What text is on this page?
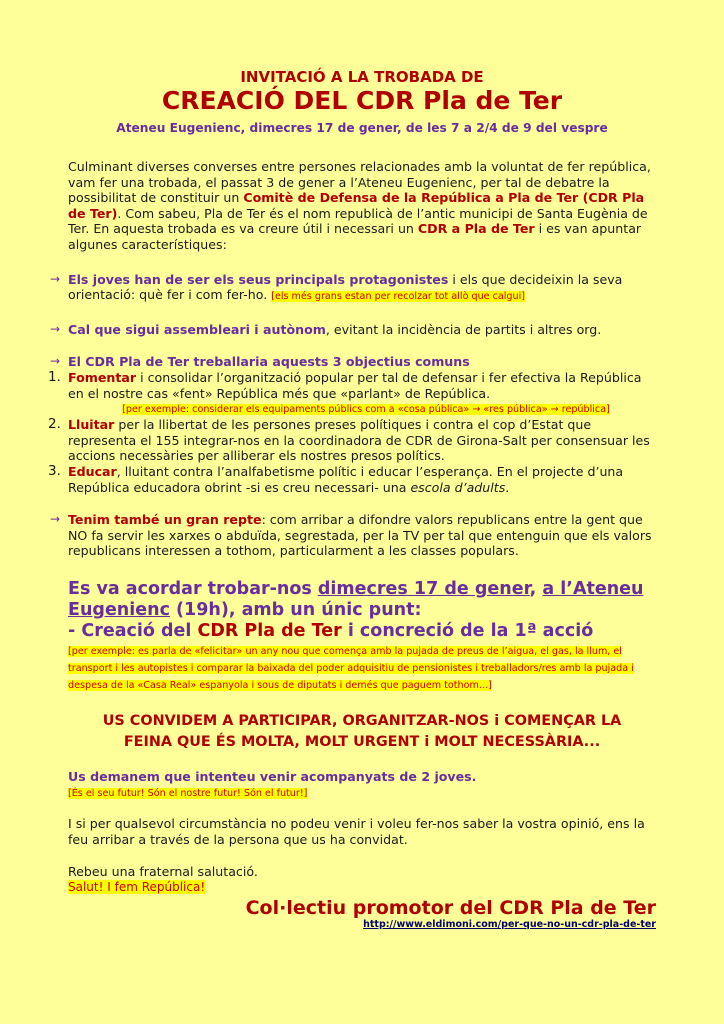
INVITACIÓ A LA TROBADA DE

CREACIÓ DEL CDR Pla de Ter

Ateneu Eugenienc, dimecres 17 de gener, de les 7 a 2/4 de 9 del vespre

Culminant diverses converses entre persones relacionades amb la voluntat de fer república, vam fer una trobada, el passat 3 de gener a l’Ateneu Eugenienc, per tal de debatre la possibilitat de constituir un Comitè de Defensa de la República a Pla de Ter (CDR Pla de Ter). Com sabeu, Pla de Ter és el nom republicà de l’antic municipi de Santa Eugènia de Ter. En aquesta trobada es va creure útil i necessari un CDR a Pla de Ter i es van apuntar algunes característiques:

→ Els joves han de ser els seus principals protagonistes i els que decideixin la seva orientació: què fer i com fer-ho. [els més grans estan per recolzar tot allò que calgui]
→ Cal que sigui assembleari i autònom, evitant la incidència de partits i altres org.
→ El CDR Pla de Ter treballaria aquests 3 objectius comuns
1. Fomentar i consolidar l’organització popular per tal de defensar i fer efectiva la República en el nostre cas «fent» República més que «parlant» de República.
[per exemple: considerar els equipaments públics com a «cosa pública» → «res pública» → república]
2. Lluitar per la llibertat de les persones preses polítiques i contra el cop d’Estat que representa el 155 integrar-nos en la coordinadora de CDR de Girona-Salt per consensuar les accions necessàries per alliberar els nostres presos polítics.
3. Educar, lluitant contra l’analfabetisme polític i educar l’esperança. En el projecte d’una República educadora obrint -si es creu necessari- una escola d’adults.
→ Tenim també un gran repte: com arribar a difondre valors republicans entre la gent que NO fa servir les xarxes o abduïda, segrestada, per la TV per tal que entenguin que els valors republicans interessen a tothom, particularment a les classes populars.
Es va acordar trobar-nos dimecres 17 de gener, a l’Ateneu Eugenienc (19h), amb un únic punt:
- Creació del CDR Pla de Ter i concreció de la 1ª acció
[per exemple: es parla de «felicitar» un any nou que comença amb la pujada de preus de l’aigua, el gas, la llum, el transport i les autopistes i comparar la baixada del poder adquisitiu de pensionistes i treballadors/res amb la pujada i despesa de la «Casa Real» espanyola i sous de diputats i demés que paguem tothom...]
US CONVIDEM A PARTICIPAR, ORGANITZAR-NOS i COMENÇAR LA
FEINA QUE ÉS MOLTA, MOLT URGENT i MOLT NECESSÀRIA...

Us demanem que intenteu venir acompanyats de 2 joves.

[És el seu futur! Són el nostre futur! Són el futur!]

I si per qualsevol circumstància no podeu venir i voleu fer-nos saber la vostra opinió, ens la feu arribar a través de la persona que us ha convidat.

Rebeu una fraternal salutació.

Salut! I fem República!
Col·lectiu promotor del CDR Pla de Ter
http://www.eldimoni.com/per-que-no-un-cdr-pla-de-ter
